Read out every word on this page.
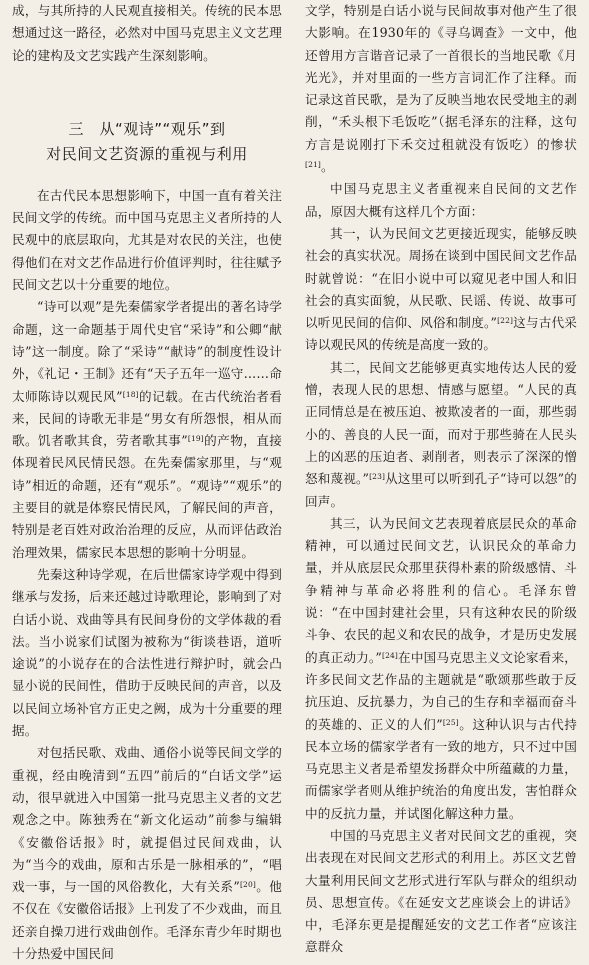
成，与其所持的人民观直接相关。传统的民本思想通过这一路径，必然对中国马克思主义文艺理论的建构及文艺实践产生深刻影响。

三　从“观诗”“观乐”到
对民间文艺资源的重视与利用

在古代民本思想影响下，中国一直有着关注民间文学的传统。而中国马克思主义者所持的人民观中的底层取向，尤其是对农民的关注，也使得他们在对文艺作品进行价值评判时，往往赋予民间文艺以十分重要的地位。

“诗可以观”是先秦儒家学者提出的著名诗学命题，这一命题基于周代史官“采诗”和公卿“献诗”这一制度。除了“采诗”“献诗”的制度性设计外，《礼记・王制》还有“天子五年一巡守……命太师陈诗以观民风”[18]的记载。在古代统治者看来，民间的诗歌无非是“男女有所怨恨，相从而歌。饥者歌其食，劳者歌其事”[19]的产物，直接体现着民风民情民怨。在先秦儒家那里，与“观诗”相近的命题，还有“观乐”。“观诗”“观乐”的主要目的就是体察民情民风，了解民间的声音，特别是老百姓对政治治理的反应，从而评估政治治理效果，儒家民本思想的影响十分明显。

先秦这种诗学观，在后世儒家诗学观中得到继承与发扬，后来还越过诗歌理论，影响到了对白话小说、戏曲等具有民间身份的文学体裁的看法。当小说家们试图为被称为“街谈巷语，道听途说”的小说存在的合法性进行辩护时，就会凸显小说的民间性，借助于反映民间的声音，以及以民间立场补官方正史之阙，成为十分重要的理据。

对包括民歌、戏曲、通俗小说等民间文学的重视，经由晚清到“五四”前后的“白话文学”运动，很早就进入中国第一批马克思主义者的文艺观念之中。陈独秀在“新文化运动”前参与编辑《安徽俗话报》时，就提倡过民间戏曲，认为“当今的戏曲，原和古乐是一脉相承的”，“唱戏一事，与一国的风俗教化，大有关系”[20]。他不仅在《安徽俗话报》上刊发了不少戏曲，而且还亲自操刀进行戏曲创作。毛泽东青少年时期也十分热爱中国民间

文学，特别是白话小说与民间故事对他产生了很大影响。在1930年的《寻乌调查》一文中，他还曾用方言谐音记录了一首很长的当地民歌《月光光》，并对里面的一些方言词汇作了注释。而记录这首民歌，是为了反映当地农民受地主的剥削，“禾头根下毛饭吃”（据毛泽东的注释，这句方言是说刚打下禾交过租就没有饭吃）的惨状[21]。

中国马克思主义者重视来自民间的文艺作品，原因大概有这样几个方面：

其一，认为民间文艺更接近现实，能够反映社会的真实状况。周扬在谈到中国民间文艺作品时就曾说：“在旧小说中可以窥见老中国人和旧社会的真实面貌，从民歌、民谣、传说、故事可以听见民间的信仰、风俗和制度。”[22]这与古代采诗以观民风的传统是高度一致的。

其二，民间文艺能够更真实地传达人民的爱憎，表现人民的思想、情感与愿望。“人民的真正同情总是在被压迫、被欺凌者的一面，那些弱小的、善良的人民一面，而对于那些骑在人民头上的凶恶的压迫者、剥削者，则表示了深深的憎怒和蔑视。”[23]从这里可以听到孔子“诗可以怨”的回声。

其三，认为民间文艺表现着底层民众的革命精神，可以通过民间文艺，认识民众的革命力量，并从底层民众那里获得朴素的阶级感情、斗争精神与革命必将胜利的信心。毛泽东曾说：“在中国封建社会里，只有这种农民的阶级斗争、农民的起义和农民的战争，才是历史发展的真正动力。”[24]在中国马克思主义文论家看来，许多民间文艺作品的主题就是“歌颂那些敢于反抗压迫、反抗暴力，为自己的生存和幸福而奋斗的英雄的、正义的人们”[25]。这种认识与古代持民本立场的儒家学者有一致的地方，只不过中国马克思主义者是希望发扬群众中所蕴藏的力量，而儒家学者则从维护统治的角度出发，害怕群众中的反抗力量，并试图化解这种力量。

中国的马克思主义者对民间文艺的重视，突出表现在对民间文艺形式的利用上。苏区文艺曾大量利用民间文艺形式进行军队与群众的组织动员、思想宣传。《在延安文艺座谈会上的讲话》中，毛泽东更是提醒延安的文艺工作者“应该注意群众
